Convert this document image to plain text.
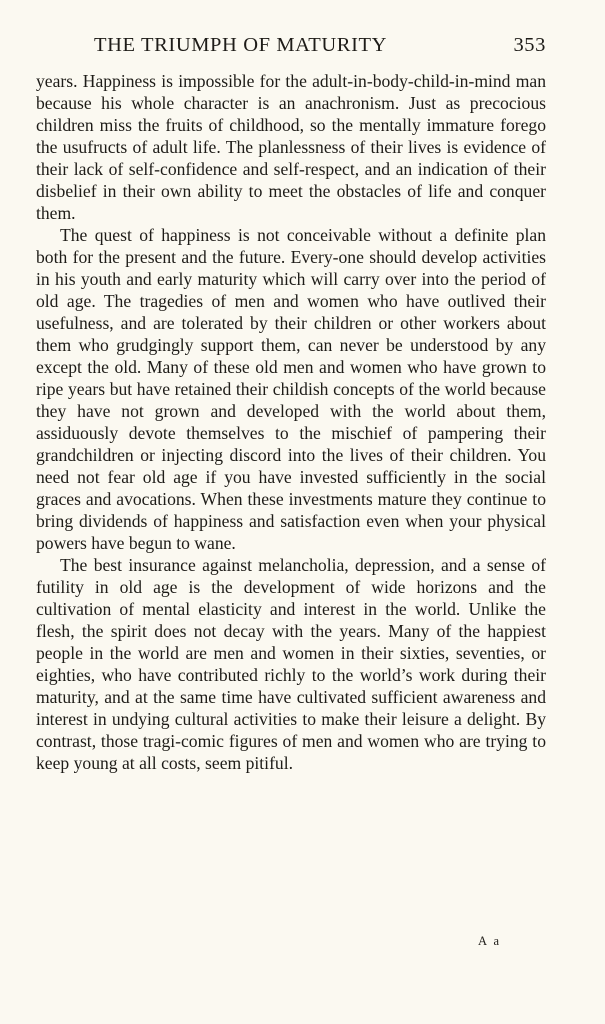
THE TRIUMPH OF MATURITY	353

years. Happiness is impossible for the adult-in-body-child-in-mind man because his whole character is an anachronism. Just as precocious children miss the fruits of childhood, so the mentally immature forego the usufructs of adult life. The planlessness of their lives is evidence of their lack of self-confidence and self-respect, and an indication of their disbelief in their own ability to meet the obstacles of life and conquer them.

The quest of happiness is not conceivable without a definite plan both for the present and the future. Every-one should develop activities in his youth and early maturity which will carry over into the period of old age. The tragedies of men and women who have outlived their usefulness, and are tolerated by their children or other workers about them who grudgingly support them, can never be understood by any except the old. Many of these old men and women who have grown to ripe years but have retained their childish concepts of the world because they have not grown and developed with the world about them, assiduously devote themselves to the mischief of pampering their grandchildren or injecting discord into the lives of their children. You need not fear old age if you have invested sufficiently in the social graces and avocations. When these investments mature they continue to bring dividends of happiness and satisfaction even when your physical powers have begun to wane.

The best insurance against melancholia, depression, and a sense of futility in old age is the development of wide horizons and the cultivation of mental elasticity and interest in the world. Unlike the flesh, the spirit does not decay with the years. Many of the happiest people in the world are men and women in their sixties, seventies, or eighties, who have contributed richly to the world’s work during their maturity, and at the same time have cultivated sufficient awareness and interest in undying cultural activities to make their leisure a delight. By contrast, those tragi-comic figures of men and women who are trying to keep young at all costs, seem pitiful.

A a
